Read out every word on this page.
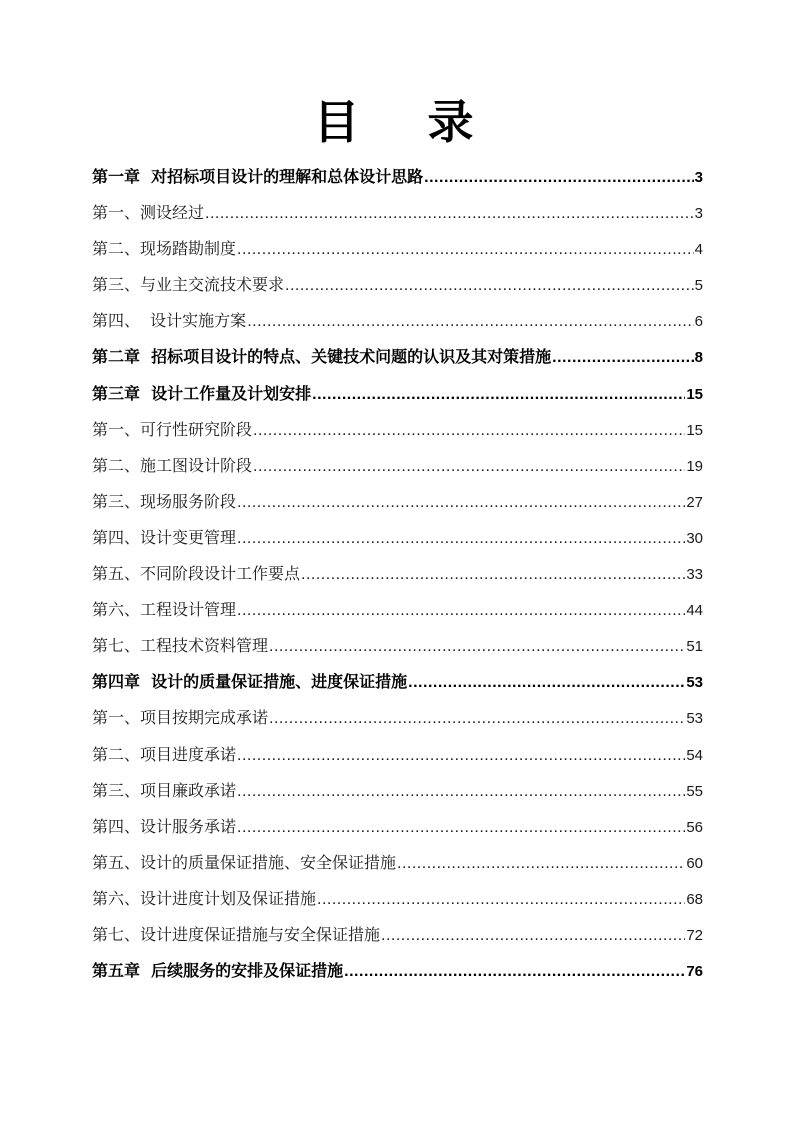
目 录
第一章  对招标项目设计的理解和总体设计思路 .....	3
第一、测设经过 .....	3
第二、现场踏勘制度 .....	4
第三、与业主交流技术要求 .....	5
第四、  设计实施方案 .....	6
第二章  招标项目设计的特点、关键技术问题的认识及其对策措施 .....	8
第三章  设计工作量及计划安排 .....	15
第一、可行性研究阶段 .....	15
第二、施工图设计阶段 .....	19
第三、现场服务阶段 .....	27
第四、设计变更管理 .....	30
第五、不同阶段设计工作要点 .....	33
第六、工程设计管理 .....	44
第七、工程技术资料管理 .....	51
第四章  设计的质量保证措施、进度保证措施 .....	53
第一、项目按期完成承诺 .....	53
第二、项目进度承诺 .....	54
第三、项目廉政承诺 .....	55
第四、设计服务承诺 .....	56
第五、设计的质量保证措施、安全保证措施 .....	60
第六、设计进度计划及保证措施 .....	68
第七、设计进度保证措施与安全保证措施 .....	72
第五章  后续服务的安排及保证措施 .....	76
